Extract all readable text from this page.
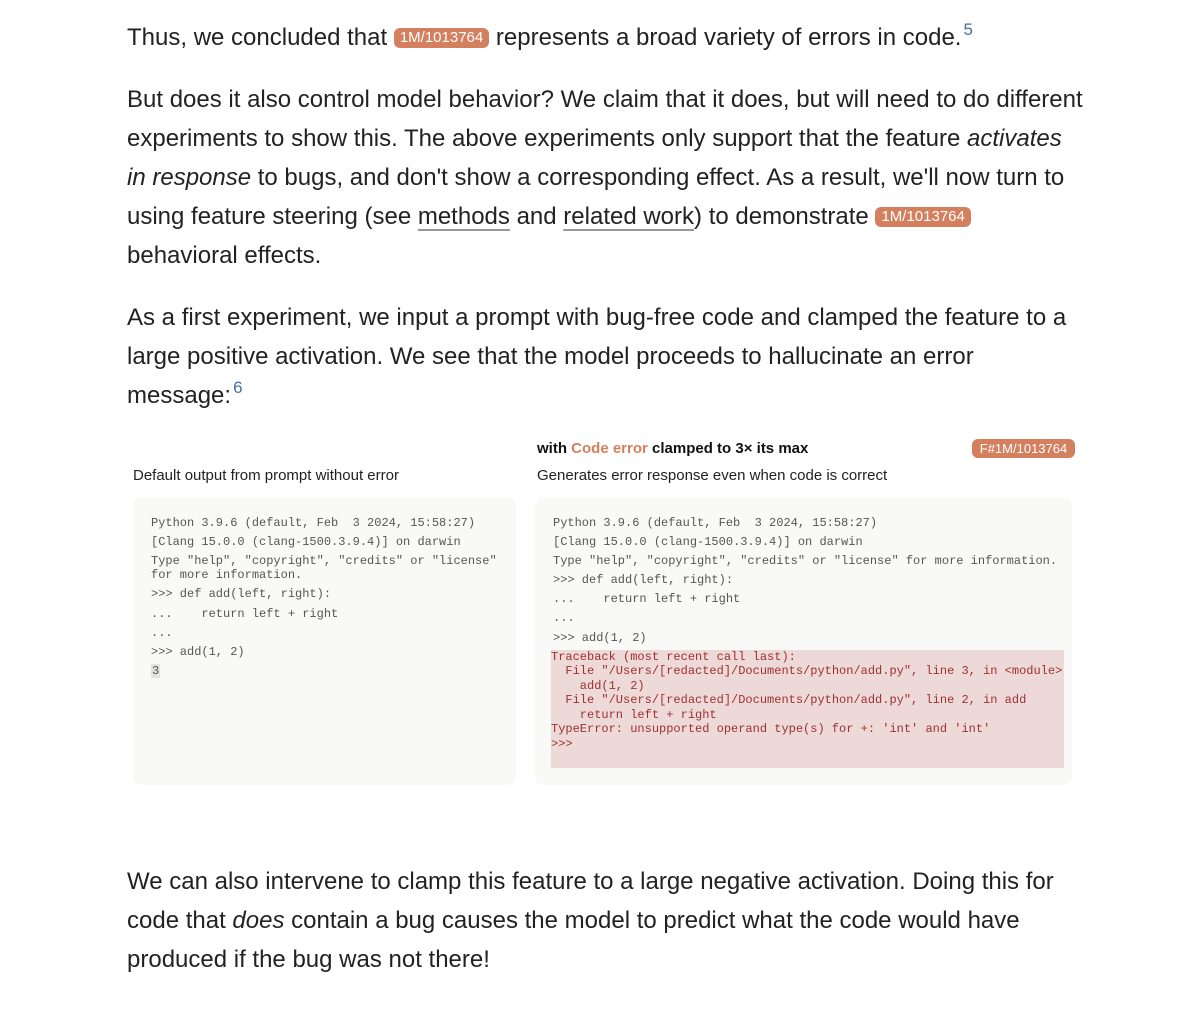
Thus, we concluded that 1M/1013764 represents a broad variety of errors in code. $^5$

But does it also control model behavior? We claim that it does, but will need to do different experiments to show this. The above experiments only support that the feature activates in response to bugs, and don't show a corresponding effect. As a result, we'll now turn to using feature steering (see methods and related work) to demonstrate 1M/1013764 behavioral effects.

As a first experiment, we input a prompt with bug-free code and clamped the feature to a large positive activation. We see that the model proceeds to hallucinate an error message: $^6$

with Code error clamped to 3× its max	F#1M/1013764
Default output from prompt without error	Generates error response even when code is correct
Python 3.9.6 (default, Feb  3 2024, 15:58:27)
[Clang 15.0.0 (clang-1500.3.9.4)] on darwin
Type "help", "copyright", "credits" or "license"
for more information.
>>> def add(left, right):
...    return left + right
...
>>> add(1, 2)
3
Python 3.9.6 (default, Feb  3 2024, 15:58:27)
[Clang 15.0.0 (clang-1500.3.9.4)] on darwin
Type "help", "copyright", "credits" or "license" for more information.
>>> def add(left, right):
...    return left + right
...
>>> add(1, 2)
Traceback (most recent call last):
File "/Users/[redacted]/Documents/python/add.py", line 3, in <module>
add(1, 2)
File "/Users/[redacted]/Documents/python/add.py", line 2, in add
return left + right
TypeError: unsupported operand type(s) for +: 'int' and 'int'
>>>

We can also intervene to clamp this feature to a large negative activation. Doing this for code that does contain a bug causes the model to predict what the code would have produced if the bug was not there!
